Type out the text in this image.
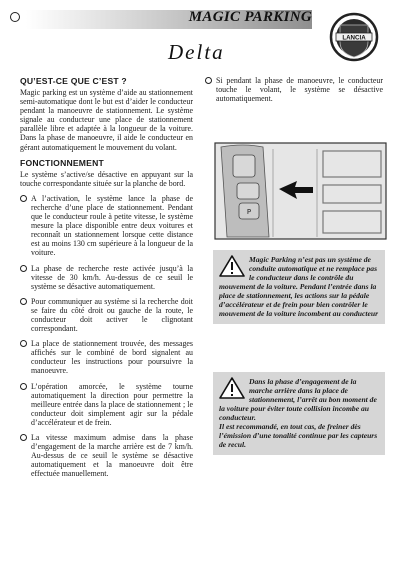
MAGIC PARKING
LANCIA
Delta
QU’EST-CE QUE C’EST ?

Magic parking est un système d’aide au stationnement semi-automatique dont le but est d’aider le conducteur pendant la manoeuvre de stationnement. Le système signale au conducteur une place de stationnement parallèle libre et adaptée à la longueur de la voiture. Dans la phase de manoeuvre, il aide le conducteur en gérant automatiquement le mouvement du volant.

FONCTIONNEMENT

Le système s’active/se désactive en appuyant sur la touche correspondante située sur la planche de bord.

A l’activation, le système lance la phase de recherche d’une place de stationnement. Pendant que le conducteur roule à petite vitesse, le système mesure la place disponible entre deux voitures et reconnaît un stationnement lorsque cette distance est au moins 130 cm supérieure à la longueur de la voiture.
La phase de recherche reste activée jusqu’à la vitesse de 30 km/h. Au-dessus de ce seuil le système se désactive automatiquement.
Pour communiquer au système si la recherche doit se faire du côté droit ou gauche de la route, le conducteur doit activer le clignotant correspondant.
La place de stationnement trouvée, des messages affichés sur le combiné de bord signalent au conducteur les instructions pour poursuivre la manoeuvre.
L’opération amorcée, le système tourne automatiquement la direction pour permettre la meilleure entrée dans la place de stationnement ; le conducteur doit simplement agir sur la pédale d’accélérateur et de frein.
La vitesse maximum admise dans la phase d’engagement de la marche arrière est de 7 km/h. Au-dessus de ce seuil le système se désactive automatiquement et la manoeuvre doit être effectuée manuellement.
Si pendant la phase de manoeuvre, le conducteur touche le volant, le système se désactive automatiquement.
P
Magic Parking n’est pas un système de conduite automatique et ne remplace pas le conducteur dans le contrôle du mouvement de la voiture. Pendant l’entrée dans la place de stationnement, les actions sur la pédale d’accélérateur et de frein pour bien contrôler le mouvement de la voiture incombent au conducteur
Dans la phase d’engagement de la marche arrière dans la place de stationnement, l’arrêt au bon moment de la voiture pour éviter toute collision incombe au conducteur.
Il est recommandé, en tout cas, de freiner dès l’émission d’une tonalité continue par les capteurs de recul.
